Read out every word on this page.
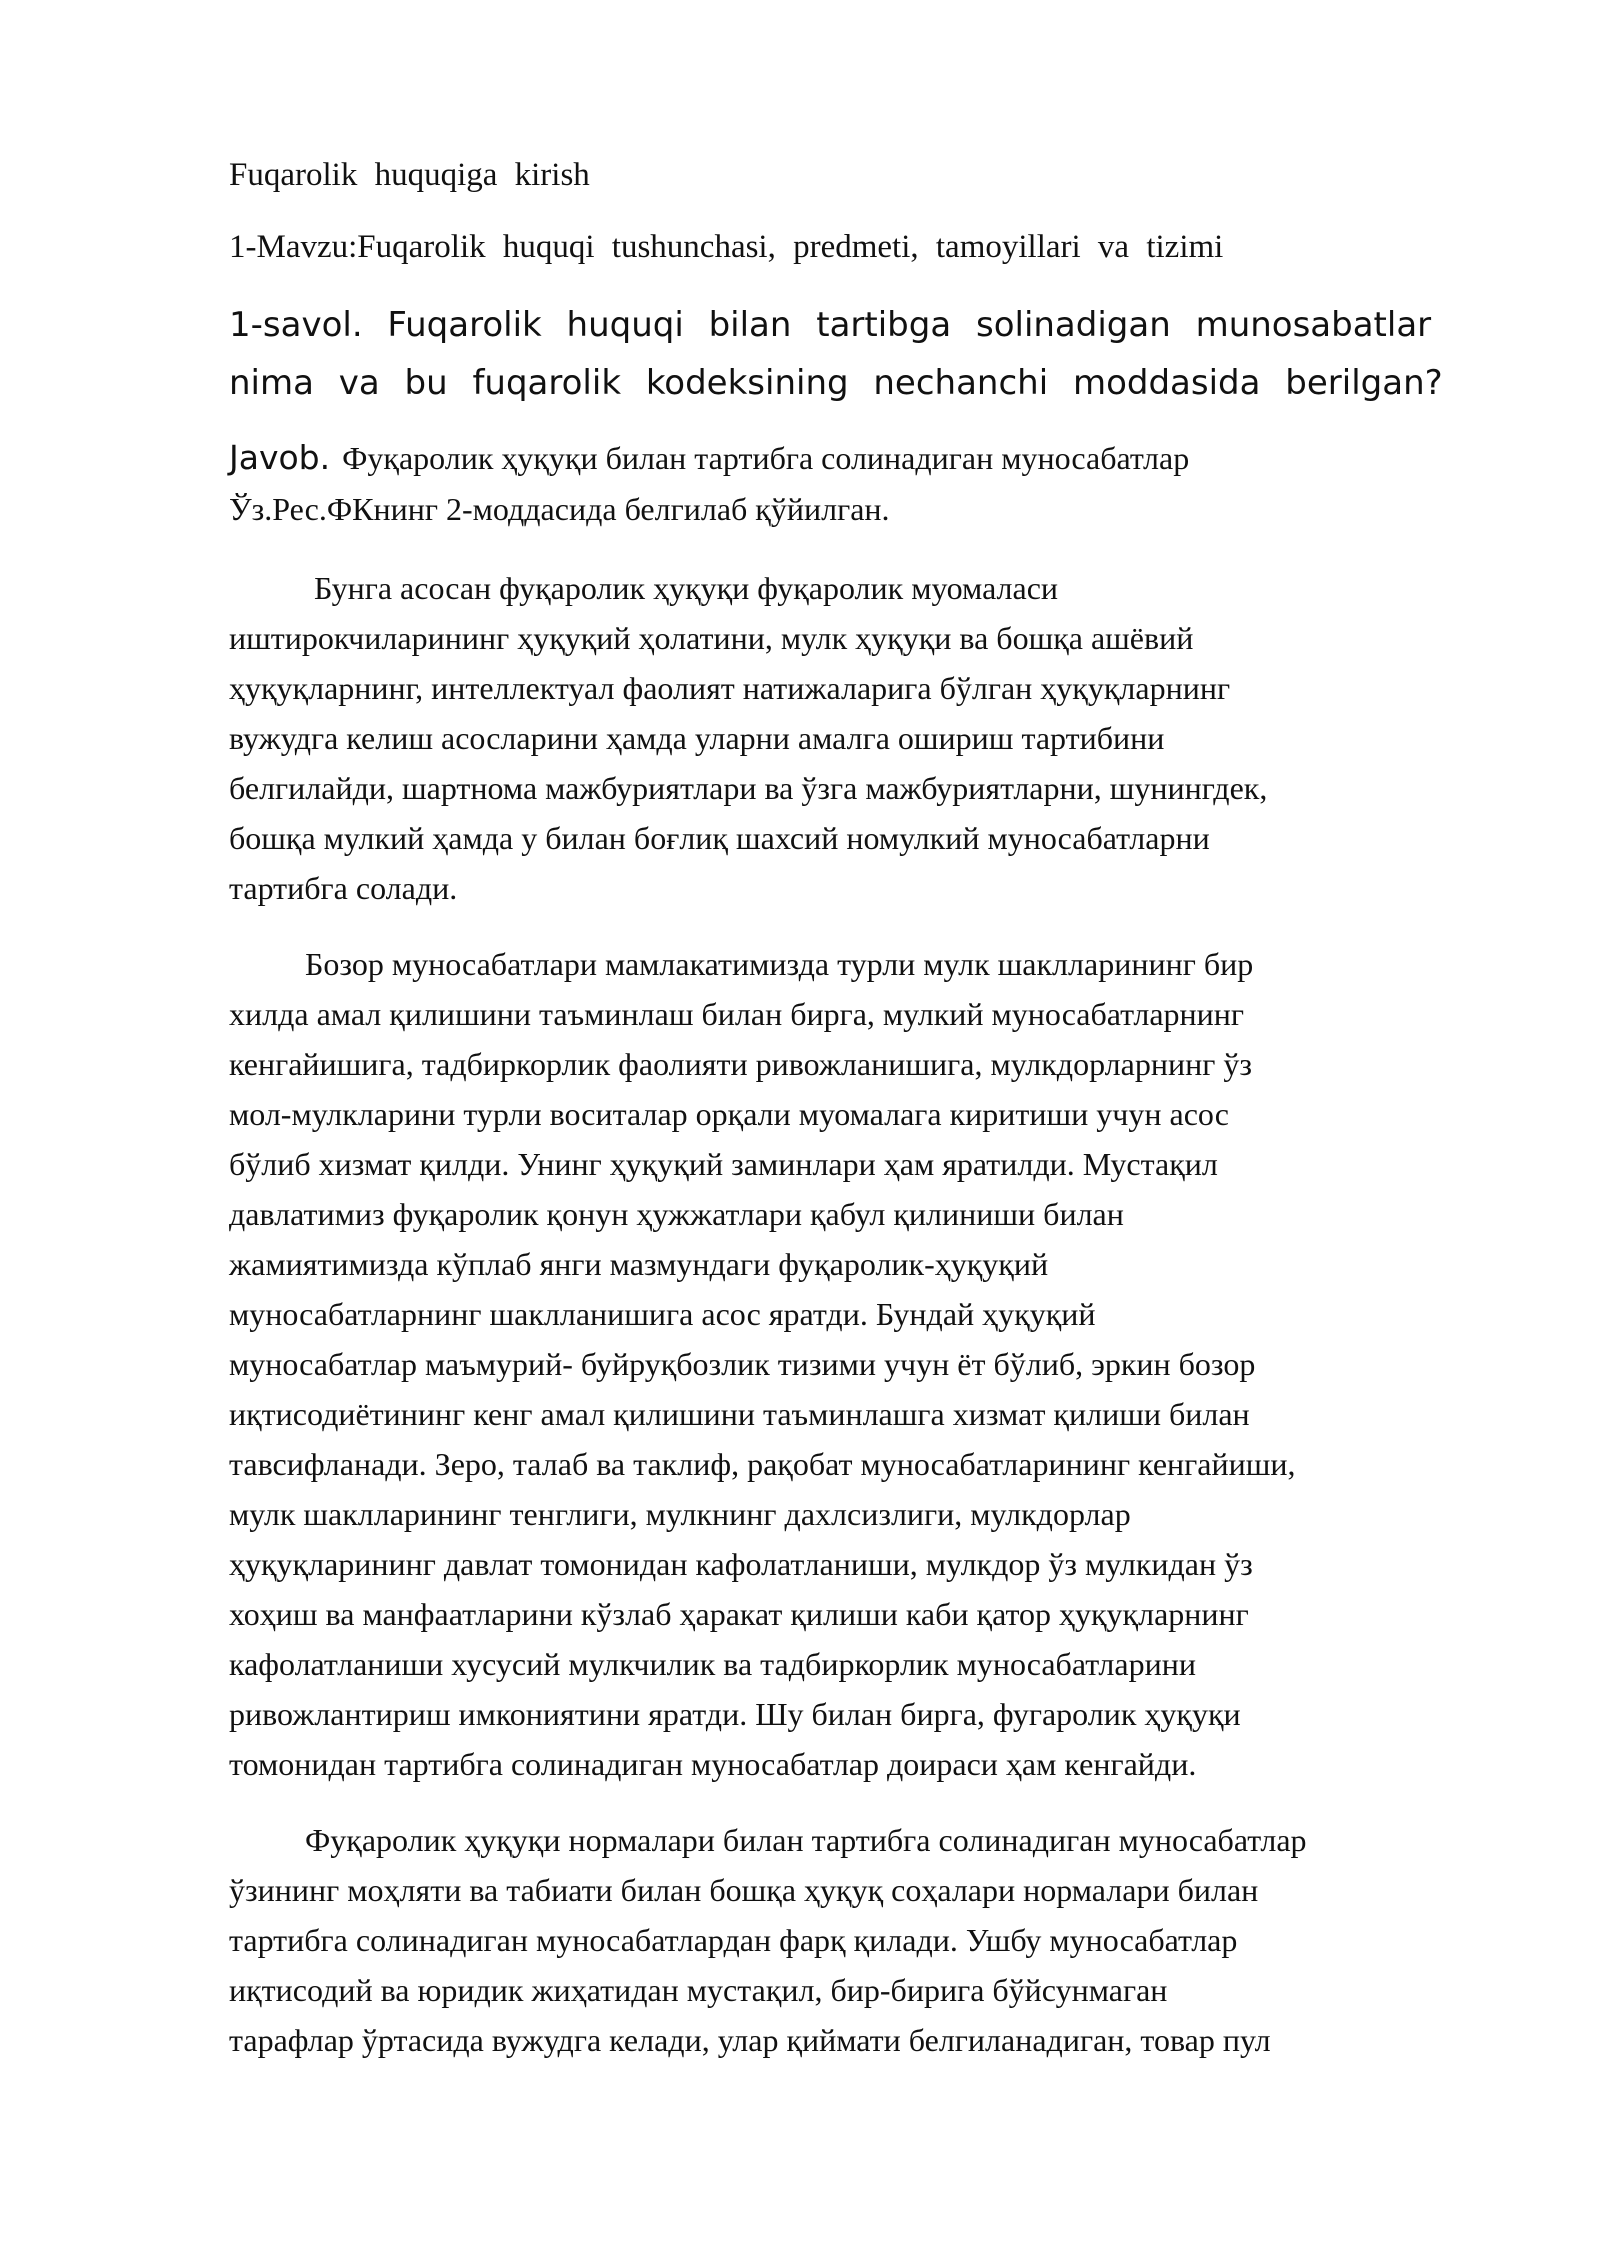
Fuqarolik huquqiga kirish

1-Mavzu:Fuqarolik huquqi tushunchasi, predmeti, tamoyillari va tizimi

1-savol. Fuqarolik huquqi bilan tartibga solinadigan munosabatlar
nima va bu fuqarolik kodeksining nechanchi moddasida berilgan?
Javob. Фуқаролик ҳуқуқи билан тартибга солинадиган муносабатлар
Ўз.Рес.ФКнинг 2-моддасида белгилаб қўйилган.
Бунга асосан фуқаролик ҳуқуқи фуқаролик муомаласи
иштирокчиларининг ҳуқуқий ҳолатини, мулк ҳуқуқи ва бошқа ашёвий
ҳуқуқларнинг, интеллектуал фаолият натижаларига бўлган ҳуқуқларнинг
вужудга келиш асосларини ҳамда уларни амалга ошириш тартибини
белгилайди, шартнома мажбуриятлари ва ўзга мажбуриятларни, шунингдек,
бошқа мулкий ҳамда у билан боғлиқ шахсий номулкий муносабатларни
тартибга солади.
Бозор муносабатлари мамлакатимизда турли мулк шаклларининг бир
хилда амал қилишини таъминлаш билан бирга, мулкий муносабатларнинг
кенгайишига, тадбиркорлик фаолияти ривожланишига, мулкдорларнинг ўз
мол-мулкларини турли воситалар орқали муомалага киритиши учун асос
бўлиб хизмат қилди. Унинг ҳуқуқий заминлари ҳам яратилди. Мустақил
давлатимиз фуқаролик қонун ҳужжатлари қабул қилиниши билан
жамиятимизда кўплаб янги мазмундаги фуқаролик-ҳуқуқий
муносабатларнинг шаклланишига асос яратди. Бундай ҳуқуқий
муносабатлар маъмурий- буйруқбозлик тизими учун ёт бўлиб, эркин бозор
иқтисодиётининг кенг амал қилишини таъминлашга хизмат қилиши билан
тавсифланади. Зеро, талаб ва таклиф, рақобат муносабатларининг кенгайиши,
мулк шаклларининг тенглиги, мулкнинг дахлсизлиги, мулкдорлар
ҳуқуқларининг давлат томонидан кафолатланиши, мулкдор ўз мулкидан ўз
хоҳиш ва манфаатларини кўзлаб ҳаракат қилиши каби қатор ҳуқуқларнинг
кафолатланиши хусусий мулкчилик ва тадбиркорлик муносабатларини
ривожлантириш имкониятини яратди. Шу билан бирга, фугаролик ҳуқуқи
томонидан тартибга солинадиган муносабатлар доираси ҳам кенгайди.
Фуқаролик ҳуқуқи нормалари билан тартибга солинадиган муносабатлар
ўзининг моҳляти ва табиати билан бошқа ҳуқуқ соҳалари нормалари билан
тартибга солинадиган муносабатлардан фарқ қилади. Ушбу муносабатлар
иқтисодий ва юридик жиҳатидан мустақил, бир-бирига бўйсунмаган
тарафлар ўртасида вужудга келади, улар қиймати белгиланадиган, товар пул
